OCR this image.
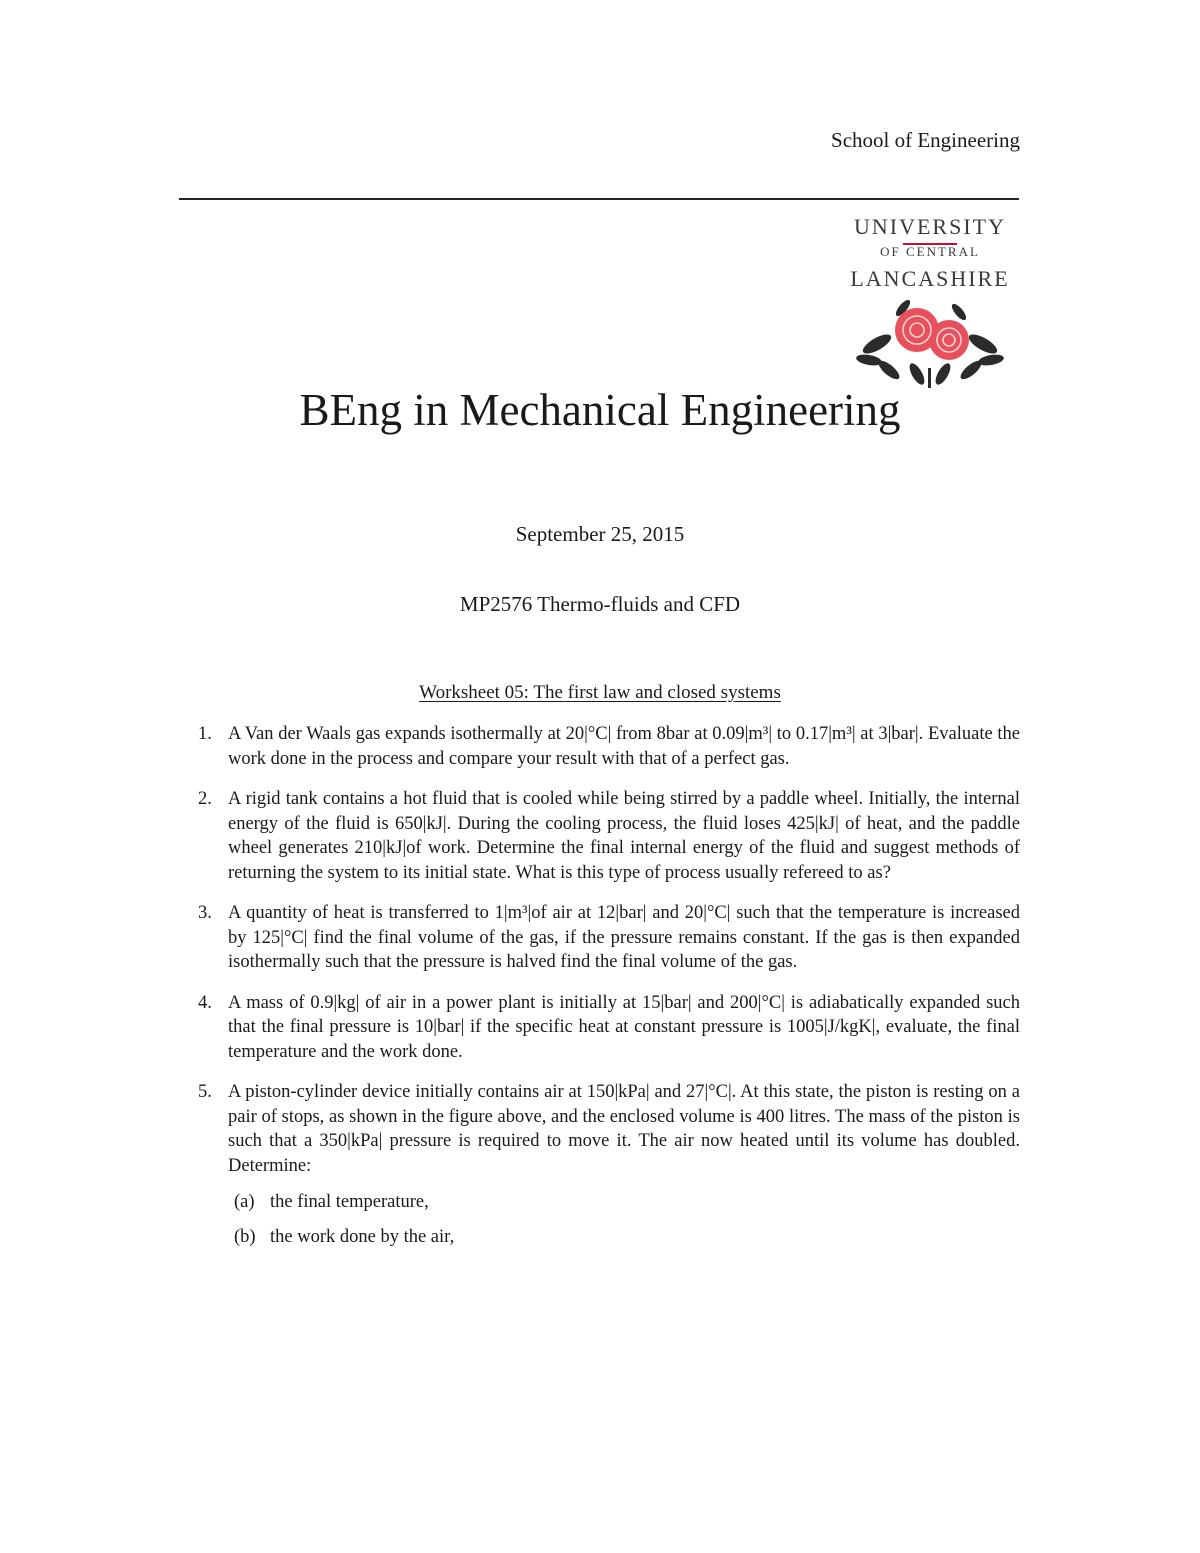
School of Engineering
UNIVERSITY
OF CENTRAL
LANCASHIRE
BEng in Mechanical Engineering
September 25, 2015
MP2576 Thermo-fluids and CFD
Worksheet 05: The first law and closed systems
1. A Van der Waals gas expands isothermally at 20|°C| from 8bar at 0.09|m³| to 0.17|m³| at 3|bar|. Evaluate the work done in the process and compare your result with that of a perfect gas.
2. A rigid tank contains a hot fluid that is cooled while being stirred by a paddle wheel. Initially, the internal energy of the fluid is 650|kJ|. During the cooling process, the fluid loses 425|kJ| of heat, and the paddle wheel generates 210|kJ|of work. Determine the final internal energy of the fluid and suggest methods of returning the system to its initial state. What is this type of process usually refereed to as?
3. A quantity of heat is transferred to 1|m³|of air at 12|bar| and 20|°C| such that the temperature is increased by 125|°C| find the final volume of the gas, if the pressure remains constant. If the gas is then expanded isothermally such that the pressure is halved find the final volume of the gas.
4. A mass of 0.9|kg| of air in a power plant is initially at 15|bar| and 200|°C| is adiabatically expanded such that the final pressure is 10|bar| if the specific heat at constant pressure is 1005|J/kgK|, evaluate, the final temperature and the work done.
5. A piston-cylinder device initially contains air at 150|kPa| and 27|°C|. At this state, the piston is resting on a pair of stops, as shown in the figure above, and the enclosed volume is 400 litres. The mass of the piston is such that a 350|kPa| pressure is required to move it. The air now heated until its volume has doubled. Determine:
(a) the final temperature,
(b) the work done by the air,
